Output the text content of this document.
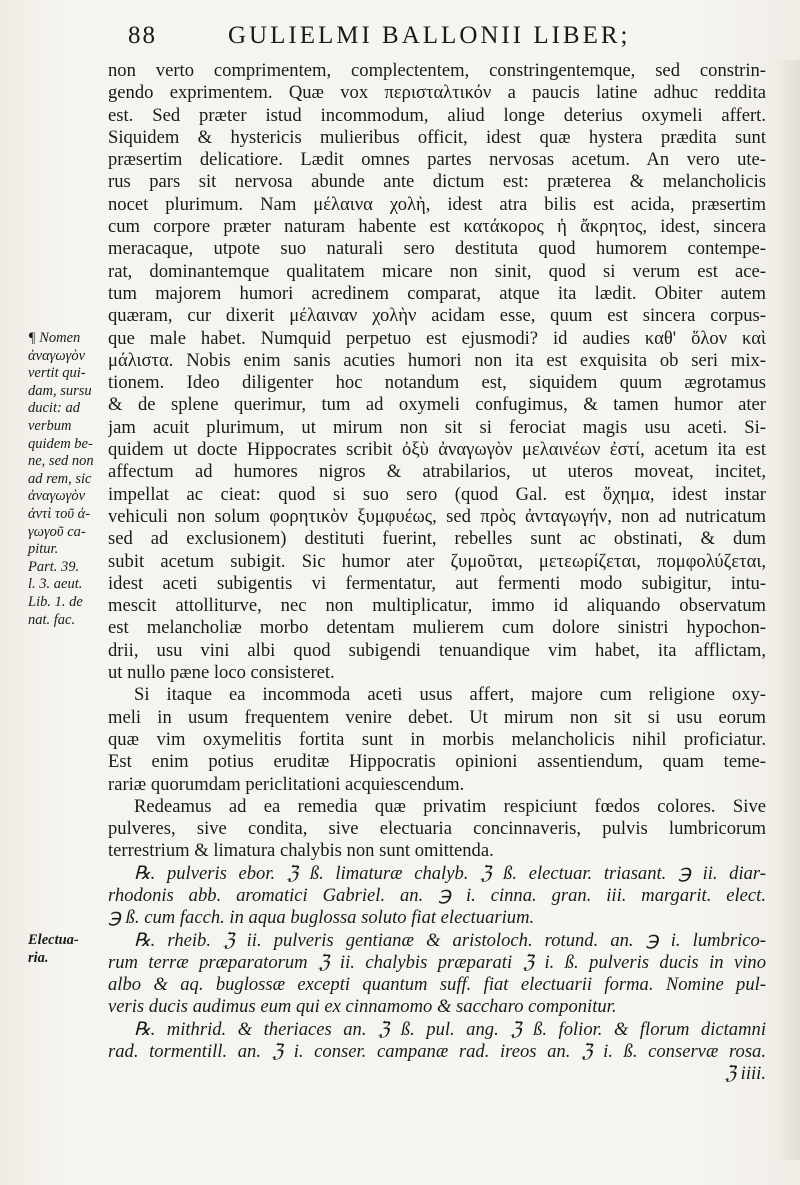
88	GULIELMI BALLONII LIBER;
¶ Nomen
ἀναγωγὸν
vertit qui-
dam, sursu
ducit: ad
verbum
quidem be-
ne, sed non
ad rem, sic
ἀναγωγὸν
ἀντὶ τοῦ ἀ-
γωγοῦ ca-
pitur.
Part. 39.
l. 3. aeut.
Lib. 1. de
nat. fac.
Electua-
ria.
non verto comprimentem, complectentem, constringentemque, sed constrin-
gendo exprimentem. Quæ vox περισταλτικόν a paucis latine adhuc reddita
est. Sed præter istud incommodum, aliud longe deterius oxymeli affert.
Siquidem & hystericis mulieribus officit, idest quæ hystera prædita sunt
præsertim delicatiore. Lædit omnes partes nervosas acetum. An vero ute-
rus pars sit nervosa abunde ante dictum est: præterea & melancholicis
nocet plurimum. Nam μέλαινα χολὴ, idest atra bilis est acida, præsertim
cum corpore præter naturam habente est κατάκορος ἡ ἄκρητος, idest, sincera
meracaque, utpote suo naturali sero destituta quod humorem contempe-
rat, dominantemque qualitatem micare non sinit, quod si verum est ace-
tum majorem humori acredinem comparat, atque ita lædit. Obiter autem
quæram, cur dixerit μέλαιναν χολὴν acidam esse, quum est sincera corpus-
que male habet. Numquid perpetuo est ejusmodi? id audies καθ' ὅλον καὶ
μάλιστα. Nobis enim sanis acuties humori non ita est exquisita ob seri mix-
tionem. Ideo diligenter hoc notandum est, siquidem quum ægrotamus
& de splene querimur, tum ad oxymeli confugimus, & tamen humor ater
jam acuit plurimum, ut mirum non sit si ferociat magis usu aceti. Si-
quidem ut docte Hippocrates scribit ὀξὺ ἀναγωγὸν μελαινέων ἐστί, acetum ita est
affectum ad humores nigros & atrabilarios, ut uteros moveat, incitet,
impellat ac cieat: quod si suo sero (quod Gal. est ὄχημα, idest instar
vehiculi non solum φορητικὸν ξυμφυέως, sed πρὸς ἀνταγωγήν, non ad nutricatum
sed ad exclusionem) destituti fuerint, rebelles sunt ac obstinati, & dum
subit acetum subigit. Sic humor ater ζυμοῦται, μετεωρίζεται, πομφολύζεται,
idest aceti subigentis vi fermentatur, aut fermenti modo subigitur, intu-
mescit attolliturve, nec non multiplicatur, immo id aliquando observatum
est melancholiæ morbo detentam mulierem cum dolore sinistri hypochon-
drii, usu vini albi quod subigendi tenuandique vim habet, ita afflictam,
ut nullo pæne loco consisteret.
Si itaque ea incommoda aceti usus affert, majore cum religione oxy-
meli in usum frequentem venire debet. Ut mirum non sit si usu eorum
quæ vim oxymelitis fortita sunt in morbis melancholicis nihil proficiatur.
Est enim potius eruditæ Hippocratis opinioni assentiendum, quam teme-
rariæ quorumdam periclitationi acquiescendum.
Redeamus ad ea remedia quæ privatim respiciunt fœdos colores. Sive
pulveres, sive condita, sive electuaria concinnaveris, pulvis lumbricorum
terrestrium & limatura chalybis non sunt omittenda.
℞. pulveris ebor. ℨ ß. limaturæ chalyb. ℨ ß. electuar. triasant. ℈ ii. diar-
rhodonis abb. aromatici Gabriel. an. ℈ i. cinna. gran. iii. margarit. elect.
℈ ß. cum facch. in aqua buglossa soluto fiat electuarium.
℞. rheib. ℨ ii. pulveris gentianæ & aristoloch. rotund. an. ℈ i. lumbrico-
rum terræ præparatorum ℨ ii. chalybis præparati ℨ i. ß. pulveris ducis in vino
albo & aq. buglossæ excepti quantum suff. fiat electuarii forma. Nomine pul-
veris ducis audimus eum qui ex cinnamomo & saccharo componitur.
℞. mithrid. & theriaces an. ℨ ß. pul. ang. ℨ ß. folior. & florum dictamni
rad. tormentill. an. ℨ i. conser. campanæ rad. ireos an. ℨ i. ß. conservæ rosa.
ℨ iiii.
